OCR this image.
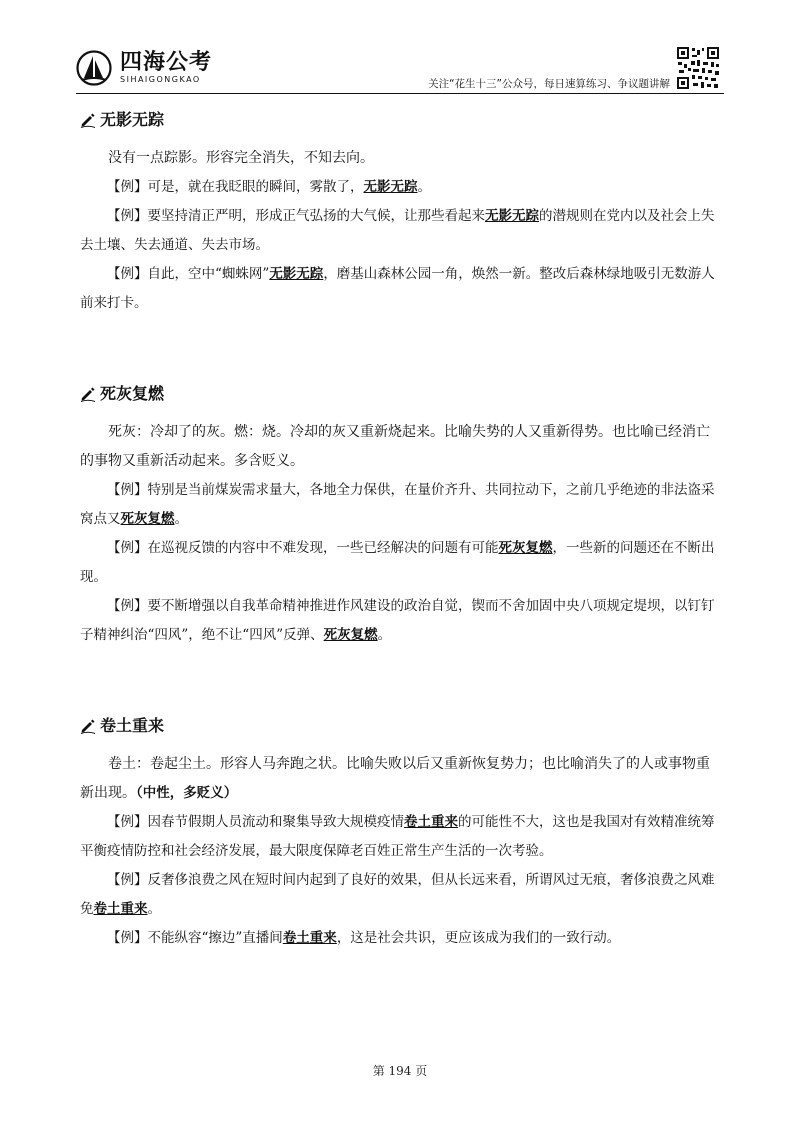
四海公考
SIHAIGONGKAO	关注“花生十三”公众号，每日速算练习、争议题讲解
无影无踪

没有一点踪影。形容完全消失，不知去向。

【例】可是，就在我眨眼的瞬间，雾散了，无影无踪。

【例】要坚持清正严明，形成正气弘扬的大气候，让那些看起来无影无踪的潜规则在党内以及社会上失去土壤、失去通道、失去市场。

【例】自此，空中“蜘蛛网”无影无踪，磨基山森林公园一角，焕然一新。整改后森林绿地吸引无数游人前来打卡。

死灰复燃

死灰：冷却了的灰。燃：烧。冷却的灰又重新烧起来。比喻失势的人又重新得势。也比喻已经消亡的事物又重新活动起来。多含贬义。

【例】特别是当前煤炭需求量大，各地全力保供，在量价齐升、共同拉动下，之前几乎绝迹的非法盗采窝点又死灰复燃。

【例】在巡视反馈的内容中不难发现，一些已经解决的问题有可能死灰复燃，一些新的问题还在不断出现。

【例】要不断增强以自我革命精神推进作风建设的政治自觉，锲而不舍加固中央八项规定堤坝，以钉钉子精神纠治“四风”，绝不让“四风”反弹、死灰复燃。

卷土重来

卷土：卷起尘土。形容人马奔跑之状。比喻失败以后又重新恢复势力；也比喻消失了的人或事物重新出现。（中性，多贬义）

【例】因春节假期人员流动和聚集导致大规模疫情卷土重来的可能性不大，这也是我国对有效精准统筹平衡疫情防控和社会经济发展，最大限度保障老百姓正常生产生活的一次考验。

【例】反奢侈浪费之风在短时间内起到了良好的效果，但从长远来看，所谓风过无痕，奢侈浪费之风难免卷土重来。

【例】不能纵容“擦边”直播间卷土重来，这是社会共识，更应该成为我们的一致行动。

第 194 页
